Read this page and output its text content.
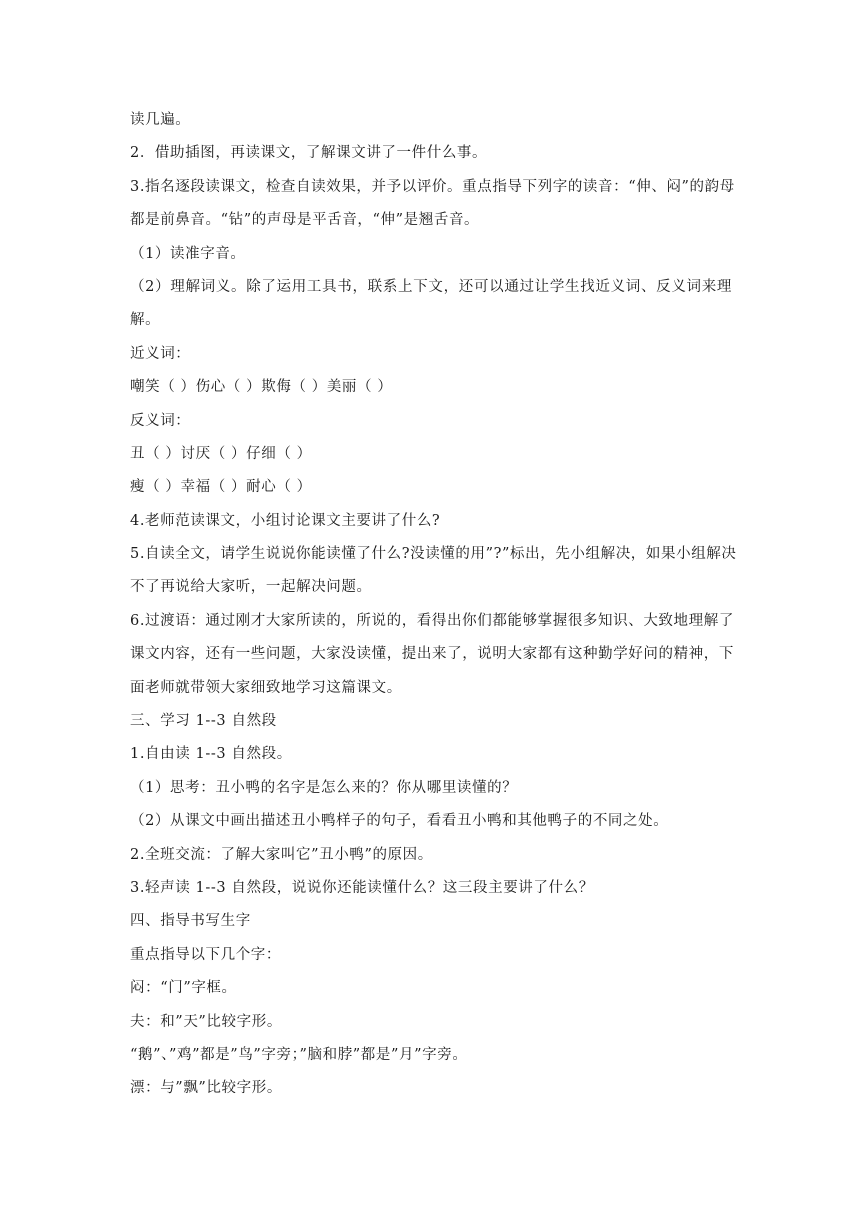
读几遍。
2．借助插图，再读课文，了解课文讲了一件什么事。
3.指名逐段读课文，检查自读效果，并予以评价。重点指导下列字的读音：“伸、闷”的韵母
都是前鼻音。“钻”的声母是平舌音，“伸”是翘舌音。
（1）读准字音。
（2）理解词义。除了运用工具书，联系上下文，还可以通过让学生找近义词、反义词来理
解。
近义词：
嘲笑（ ）伤心（ ）欺侮（ ）美丽（ ）
反义词：
丑（ ）讨厌（ ）仔细（ ）
瘦（ ）幸福（ ）耐心（ ）
4.老师范读课文，小组讨论课文主要讲了什么?
5.自读全文，请学生说说你能读懂了什么?没读懂的用”?”标出，先小组解决，如果小组解决
不了再说给大家听，一起解决问题。
6.过渡语：通过刚才大家所读的，所说的，看得出你们都能够掌握很多知识、大致地理解了
课文内容，还有一些问题，大家没读懂，提出来了，说明大家都有这种勤学好问的精神，下
面老师就带领大家细致地学习这篇课文。
三、学习 1--3 自然段
1.自由读 1--3 自然段。
（1）思考：丑小鸭的名字是怎么来的？你从哪里读懂的？
（2）从课文中画出描述丑小鸭样子的句子，看看丑小鸭和其他鸭子的不同之处。
2.全班交流：了解大家叫它”丑小鸭”的原因。
3.轻声读 1--3 自然段，说说你还能读懂什么？这三段主要讲了什么？
四、指导书写生字
重点指导以下几个字：
闷：“门”字框。
夫：和”天”比较字形。
“鹅”、”鸡”都是”鸟”字旁；”脑和脖”都是”月”字旁。
漂：与”飘”比较字形。
